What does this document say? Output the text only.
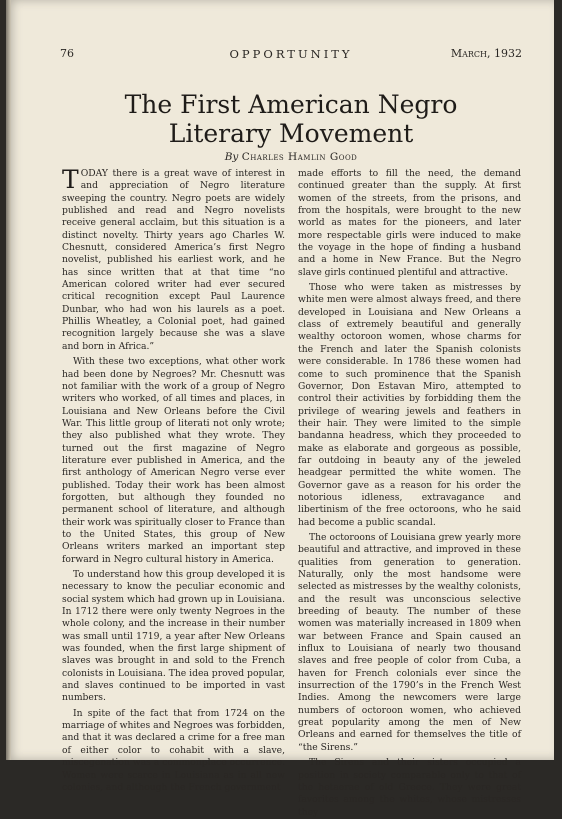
76	OPPORTUNITY	March, 1932
The First American Negro
Literary Movement
By Charles Hamlin Good

TODAY there is a great wave of interest in and appreciation of Negro literature sweeping the country. Negro poets are widely published and read and Negro novelists receive general acclaim, but this situation is a distinct novelty. Thirty years ago Charles W. Chesnutt, considered America’s first Negro novelist, published his earliest work, and he has since written that at that time “no American colored writer had ever secured critical recognition except Paul Laurence Dunbar, who had won his laurels as a poet. Phillis Wheatley, a Colonial poet, had gained recognition largely because she was a slave and born in Africa.”

With these two exceptions, what other work had been done by Negroes? Mr. Chesnutt was not familiar with the work of a group of Negro writers who worked, of all times and places, in Louisiana and New Orleans before the Civil War. This little group of literati not only wrote; they also published what they wrote. They turned out the first magazine of Negro literature ever published in America, and the first anthology of American Negro verse ever published. Today their work has been almost forgotten, but although they founded no permanent school of literature, and although their work was spiritually closer to France than to the United States, this group of New Orleans writers marked an important step forward in Negro cultural history in America.

To understand how this group developed it is necessary to know the peculiar economic and social system which had grown up in Louisiana. In 1712 there were only twenty Negroes in the whole colony, and the increase in their number was small until 1719, a year after New Orleans was founded, when the first large shipment of slaves was brought in and sold to the French colonists in Louisiana. The idea proved popular, and slaves continued to be imported in vast numbers.

In spite of the fact that from 1724 on the marriage of whites and Negroes was forbidden, and that it was declared a crime for a free man of either color to cohabit with a slave, miscegenation was a commonplace occurrence. Women were scarce in Louisiana as in all new colonies, and although the French government

made efforts to fill the need, the demand continued greater than the supply. At first women of the streets, from the prisons, and from the hospitals, were brought to the new world as mates for the pioneers, and later more respectable girls were induced to make the voyage in the hope of finding a husband and a home in New France. But the Negro slave girls continued plentiful and attractive.

Those who were taken as mistresses by white men were almost always freed, and there developed in Louisiana and New Orleans a class of extremely beautiful and generally wealthy octoroon women, whose charms for the French and later the Spanish colonists were considerable. In 1786 these women had come to such prominence that the Spanish Governor, Don Estavan Miro, attempted to control their activities by forbidding them the privilege of wearing jewels and feathers in their hair. They were limited to the simple bandanna headress, which they proceeded to make as elaborate and gorgeous as possible, far outdoing in beauty any of the jeweled headgear permitted the white women. The Governor gave as a reason for his order the notorious idleness, extravagance and libertinism of the free octoroons, who he said had become a public scandal.

The octoroons of Louisiana grew yearly more beautiful and attractive, and improved in these qualities from generation to generation. Naturally, only the most handsome were selected as mistresses by the wealthy colonists, and the result was unconscious selective breeding of beauty. The number of these women was materially increased in 1809 when war between France and Spain caused an influx to Louisiana of nearly two thousand slaves and free people of color from Cuba, a haven for French colonials ever since the insurrection of the 1790’s in the French West Indies. Among the newcomers were large numbers of octoroon women, who achieved great popularity among the men of New Orleans and earned for themselves the title of “the Sirens.”

The Sirens and their sisters occupied a position in society comparable only to that of the hetaerae of old Greece. They were great favorites among the whites, whose mistresses they
